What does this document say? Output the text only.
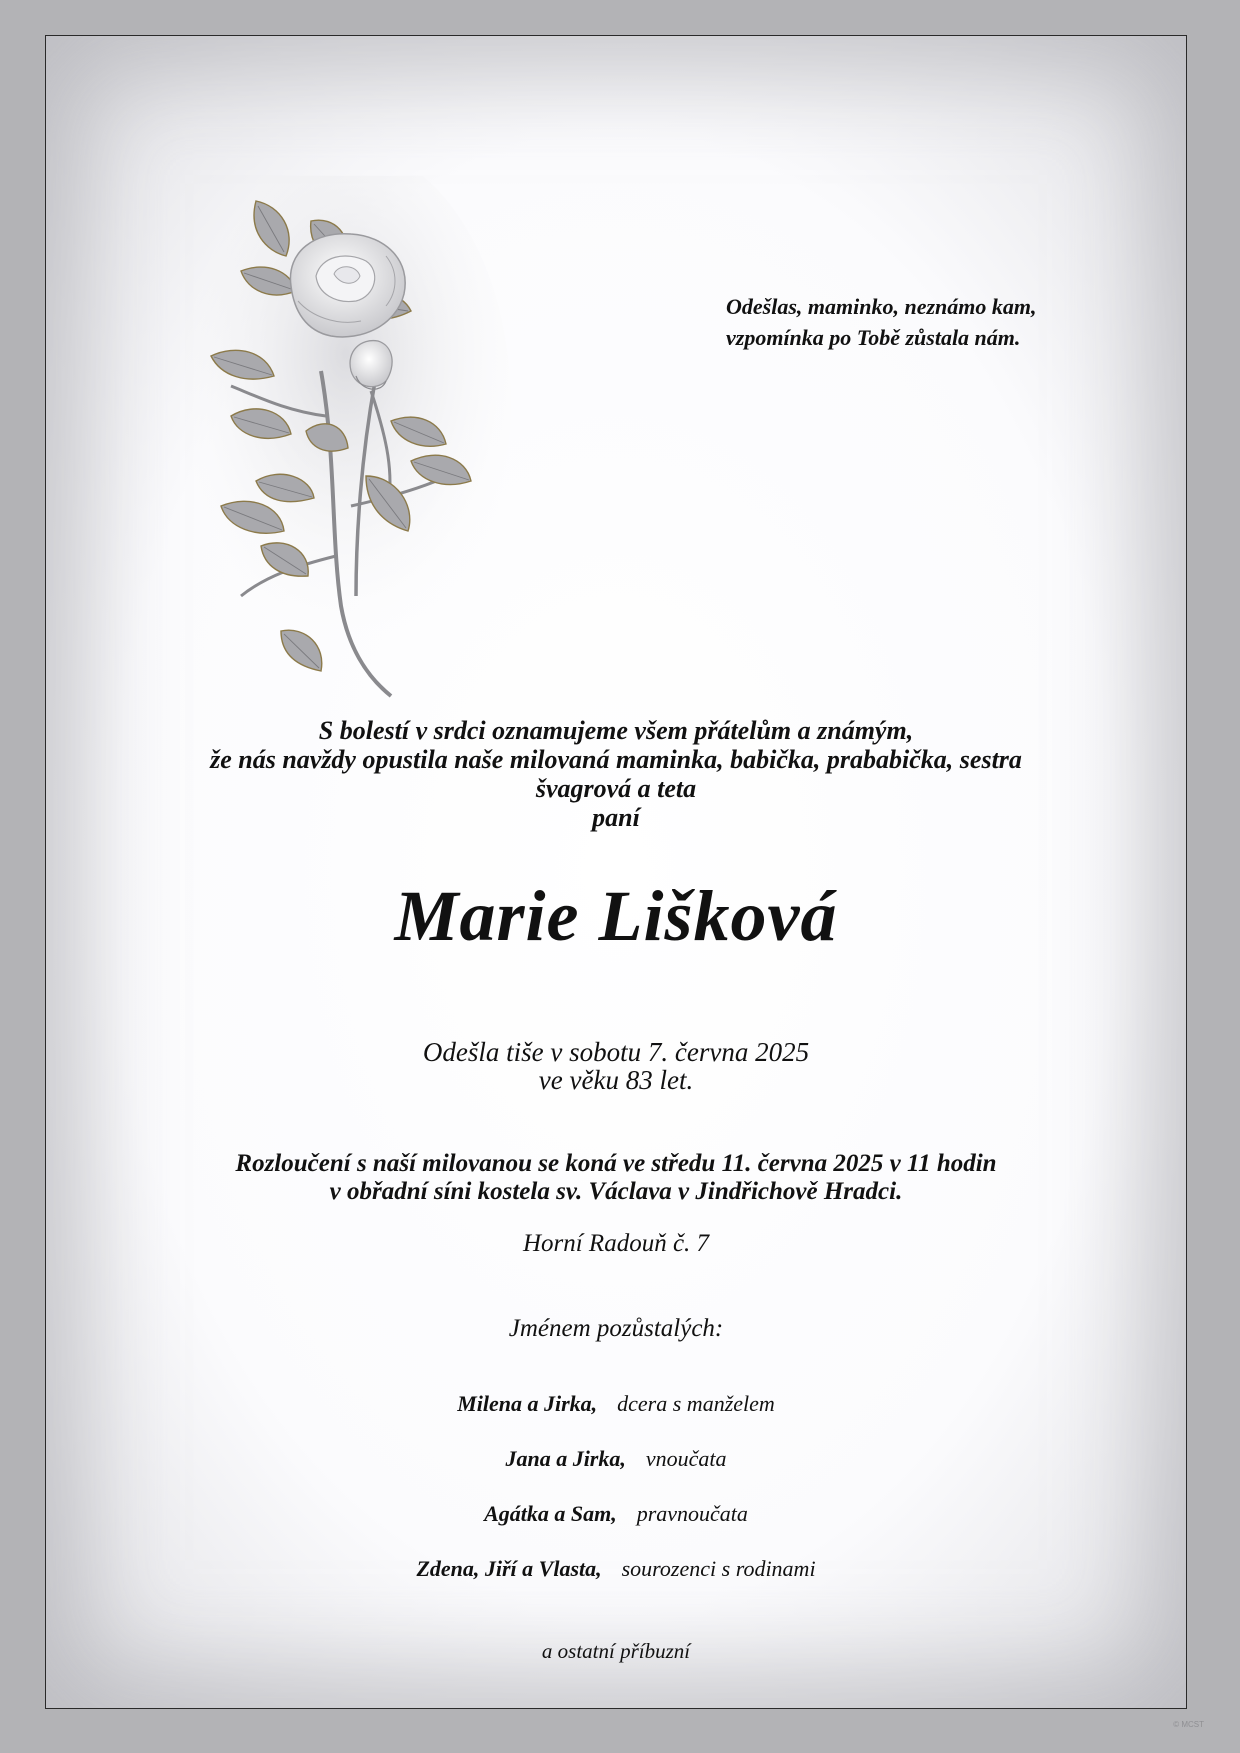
Odešlas, maminko, neznámo kam,
vzpomínka po Tobě zůstala nám.
S bolestí v srdci oznamujeme všem přátelům a známým,
že nás navždy opustila naše milovaná maminka, babička, prababička, sestra
švagrová a teta
paní
Marie Lišková
Odešla tiše v sobotu 7. června 2025
ve věku 83 let.
Rozloučení s naší milovanou se koná ve středu 11. června 2025 v 11 hodin
v obřadní síni kostela sv. Václava v Jindřichově Hradci.
Horní Radouň č. 7
Jménem pozůstalých:
Milena a Jirka, dcera s manželem
Jana a Jirka, vnoučata
Agátka a Sam, pravnoučata
Zdena, Jiří a Vlasta, sourozenci s rodinami
a ostatní příbuzní
© MCST
